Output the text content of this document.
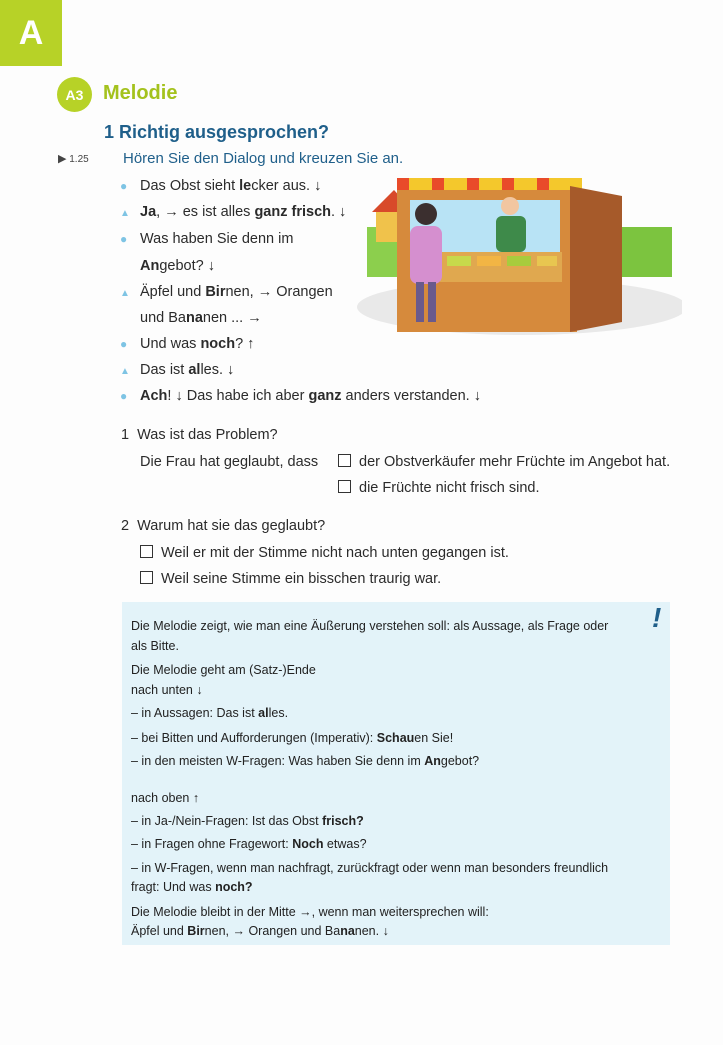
A
A3 Melodie
1 Richtig ausgesprochen?
▶ 1.25 Hören Sie den Dialog und kreuzen Sie an.
●Das Obst sieht lecker aus. ↓
▲Ja, → es ist alles ganz frisch. ↓
●Was haben Sie denn im
Angebot? ↓
▲Äpfel und Birnen, → Orangen
und Bananen ... →
●Und was noch? ↑
▲Das ist alles. ↓
●Ach! ↓ Das habe ich aber ganz anders verstanden. ↓
1 Was ist das Problem?
Die Frau hat geglaubt, dass	der Obstverkäufer mehr Früchte im Angebot hat.
die Früchte nicht frisch sind.
2 Warum hat sie das geglaubt?
Weil er mit der Stimme nicht nach unten gegangen ist.
Weil seine Stimme ein bisschen traurig war.
!
Die Melodie zeigt, wie man eine Äußerung verstehen soll: als Aussage, als Frage oder
als Bitte.
Die Melodie geht am (Satz-)Ende
nach unten ↓
– in Aussagen: Das ist alles.
– bei Bitten und Aufforderungen (Imperativ): Schauen Sie!
– in den meisten W-Fragen: Was haben Sie denn im Angebot?
nach oben ↑
– in Ja-/Nein-Fragen: Ist das Obst frisch?
– in Fragen ohne Fragewort: Noch etwas?
– in W-Fragen, wenn man nachfragt, zurückfragt oder wenn man besonders freundlich
fragt: Und was noch?
Die Melodie bleibt in der Mitte →, wenn man weitersprechen will:
Äpfel und Birnen, → Orangen und Bananen. ↓
